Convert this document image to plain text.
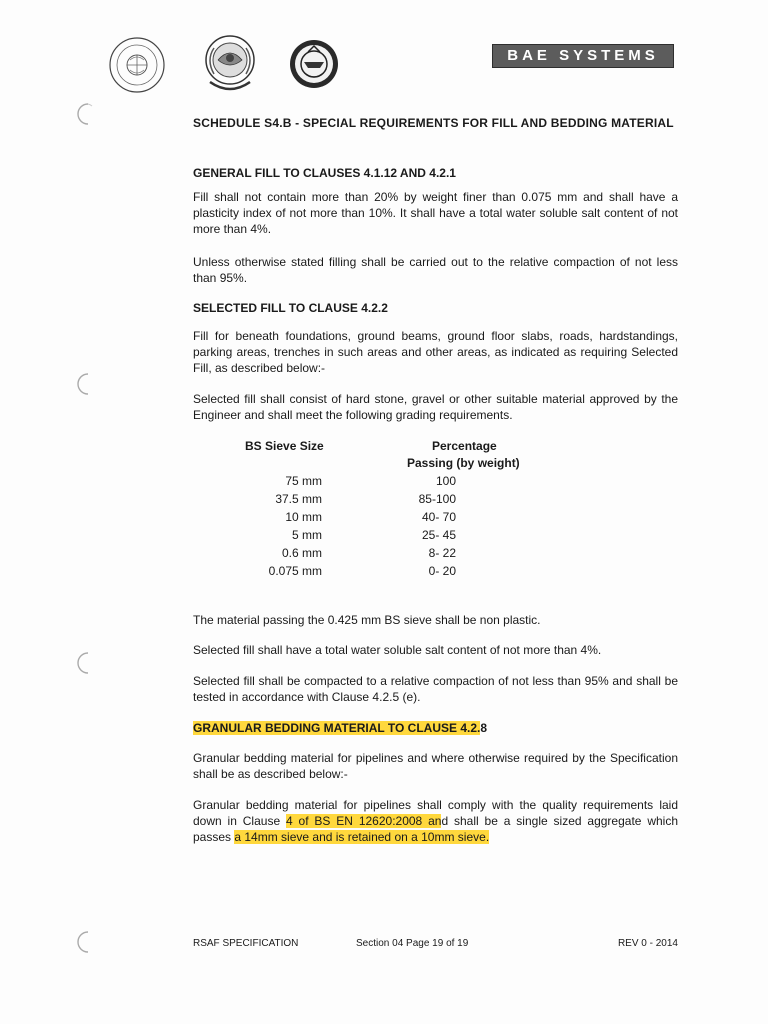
BAE SYSTEMS
SCHEDULE S4.B - SPECIAL REQUIREMENTS FOR FILL AND BEDDING MATERIAL
GENERAL FILL TO CLAUSES 4.1.12 AND 4.2.1
Fill shall not contain more than 20% by weight finer than 0.075 mm and shall have a plasticity index of not more than 10%. It shall have a total water soluble salt content of not more than 4%.
Unless otherwise stated filling shall be carried out to the relative compaction of not less than 95%.
SELECTED FILL TO CLAUSE 4.2.2
Fill for beneath foundations, ground beams, ground floor slabs, roads, hardstandings, parking areas, trenches in such areas and other areas, as indicated as requiring Selected Fill, as described below:-
Selected fill shall consist of hard stone, gravel or other suitable material approved by the Engineer and shall meet the following grading requirements.
BS Sieve Size	Percentage
Passing (by weight)
75 mm	100
37.5 mm	85-100
10 mm	40- 70
5 mm	25- 45
0.6 mm	8- 22
0.075 mm	0- 20
The material passing the 0.425 mm BS sieve shall be non plastic.
Selected fill shall have a total water soluble salt content of not more than 4%.
Selected fill shall be compacted to a relative compaction of not less than 95% and shall be tested in accordance with Clause 4.2.5 (e).
GRANULAR BEDDING MATERIAL TO CLAUSE 4.2.8
Granular bedding material for pipelines and where otherwise required by the Specification shall be as described below:-
Granular bedding material for pipelines shall comply with the quality requirements laid down in Clause 4 of BS EN 12620:2008 and shall be a single sized aggregate which passes a 14mm sieve and is retained on a 10mm sieve.
RSAF SPECIFICATION	Section 04 Page 19 of 19	REV 0 - 2014
